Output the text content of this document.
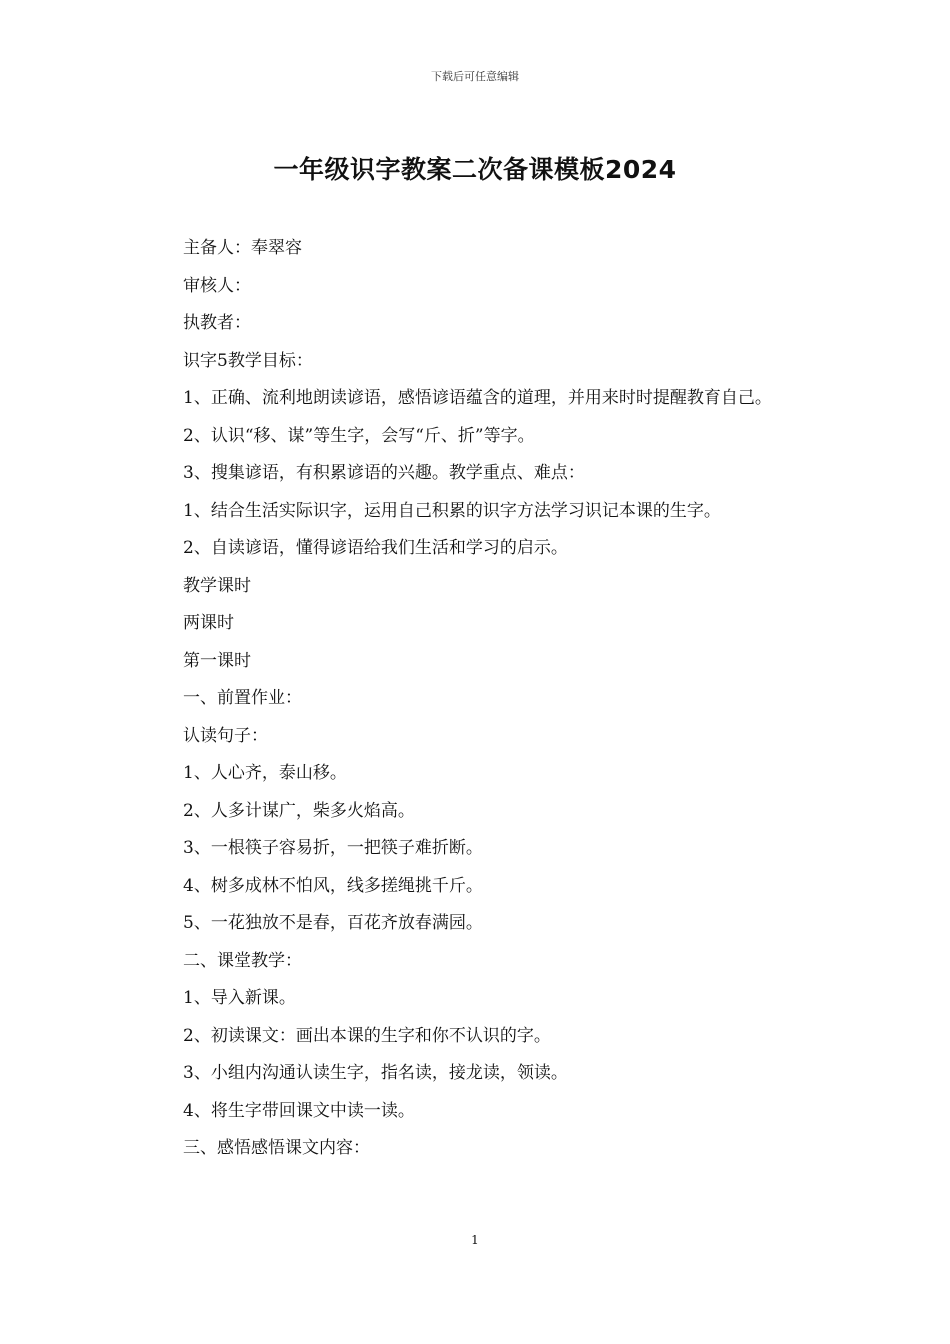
下载后可任意编辑
一年级识字教案二次备课模板2024

主备人：奉翠容

审核人：

执教者：

识字5教学目标：

1、正确、流利地朗读谚语，感悟谚语蕴含的道理，并用来时时提醒教育自己。

2、认识“移、谋”等生字，会写“斤、折”等字。

3、搜集谚语，有积累谚语的兴趣。教学重点、难点：

1、结合生活实际识字，运用自己积累的识字方法学习识记本课的生字。

2、自读谚语，懂得谚语给我们生活和学习的启示。

教学课时

两课时

第一课时

一、前置作业：

认读句子：

1、人心齐，泰山移。

2、人多计谋广，柴多火焰高。

3、一根筷子容易折，一把筷子难折断。

4、树多成林不怕风，线多搓绳挑千斤。

5、一花独放不是春，百花齐放春满园。

二、课堂教学：

1、导入新课。

2、初读课文：画出本课的生字和你不认识的字。

3、小组内沟通认读生字，指名读，接龙读，领读。

4、将生字带回课文中读一读。

三、感悟感悟课文内容：

1
